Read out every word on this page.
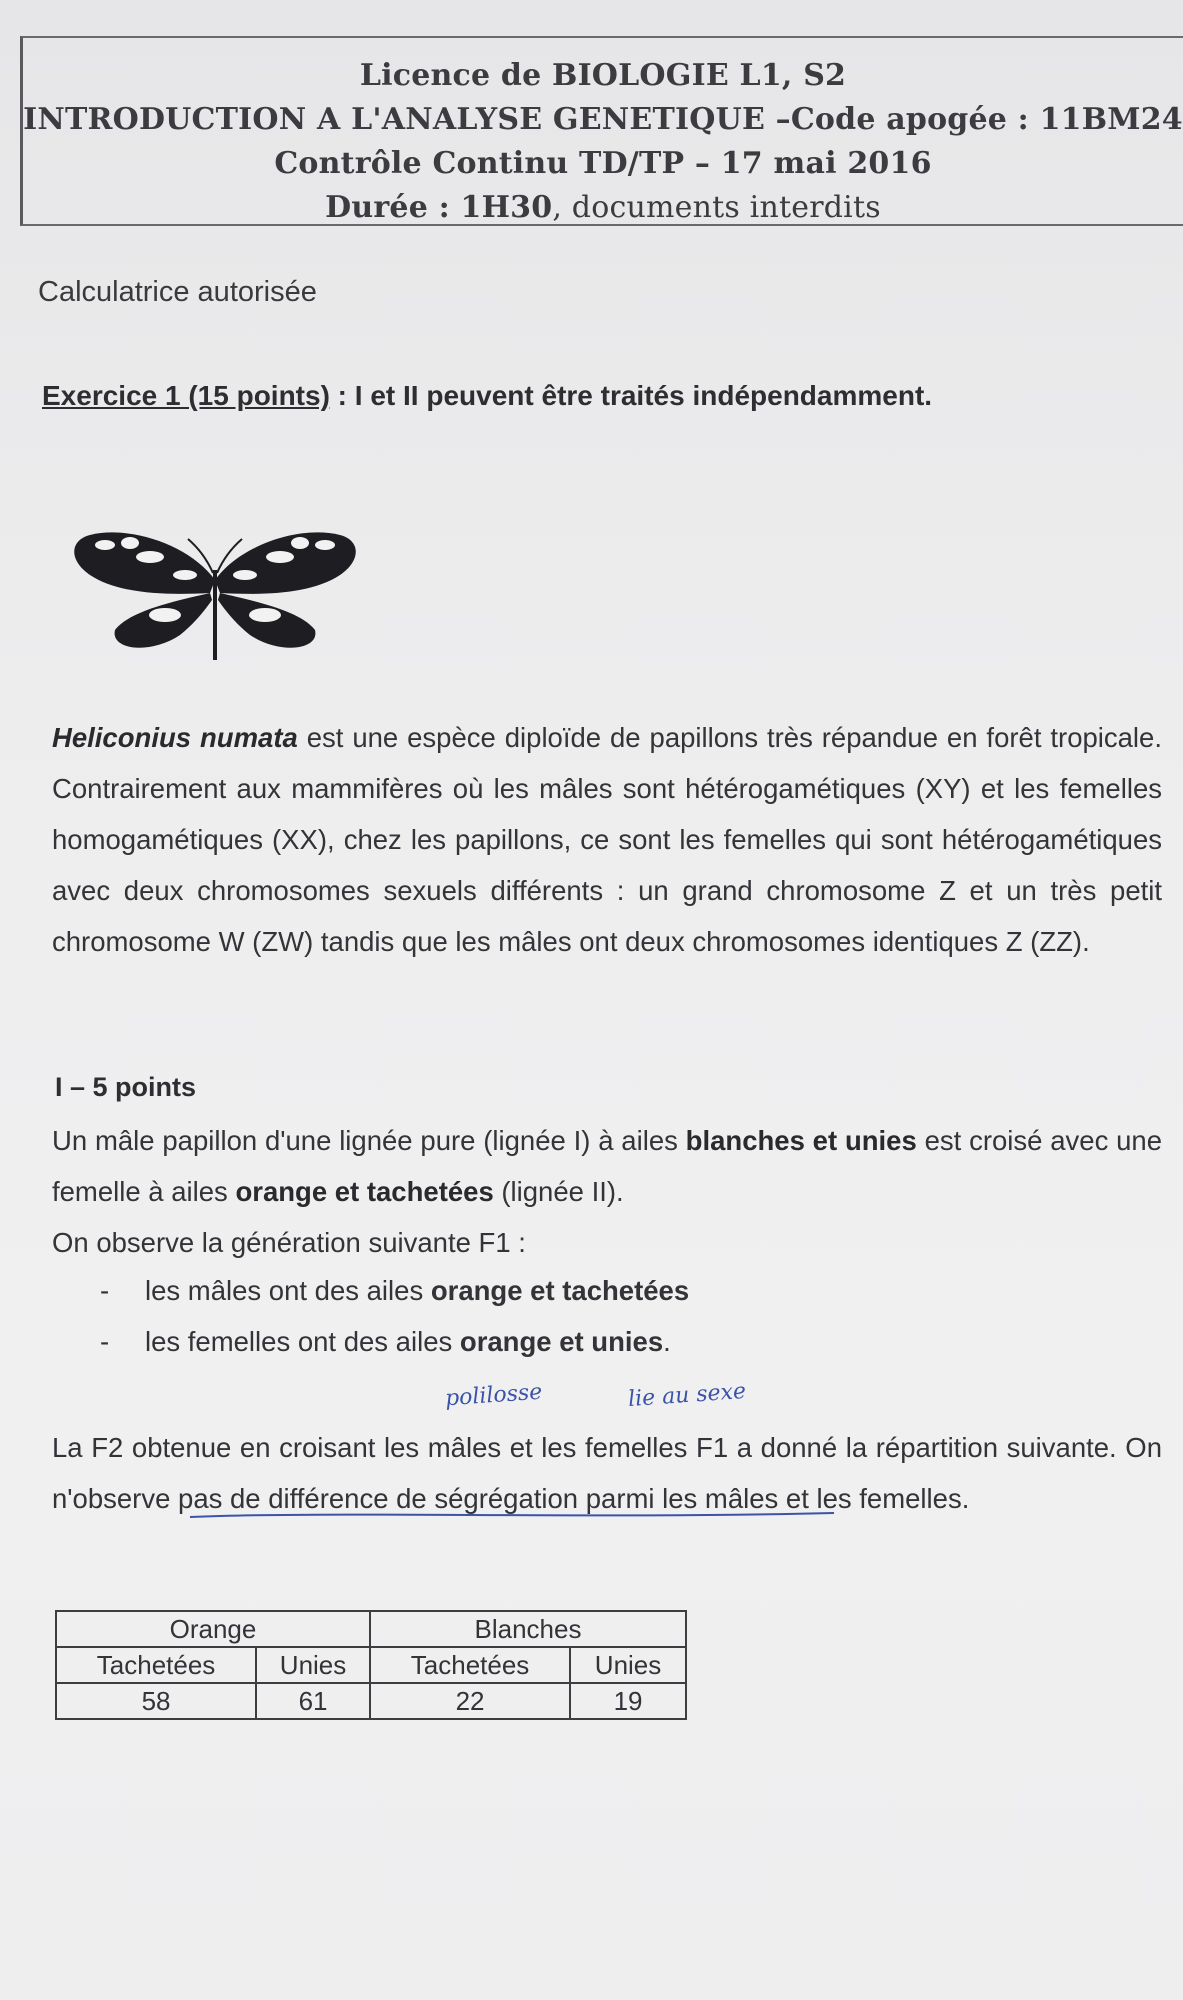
Licence de BIOLOGIE L1, S2
INTRODUCTION A L'ANALYSE GENETIQUE –Code apogée : 11BM24
Contrôle Continu TD/TP – 17 mai 2016
Durée : 1H30, documents interdits
Calculatrice autorisée
Exercice 1 (15 points) : I et II peuvent être traités indépendamment.
Heliconius numata est une espèce diploïde de papillons très répandue en forêt tropicale. Contrairement aux mammifères où les mâles sont hétérogamétiques (XY) et les femelles homogamétiques (XX), chez les papillons, ce sont les femelles qui sont hétérogamétiques avec deux chromosomes sexuels différents : un grand chromosome Z et un très petit chromosome W (ZW) tandis que les mâles ont deux chromosomes identiques Z (ZZ).
I – 5 points
Un mâle papillon d'une lignée pure (lignée I) à ailes blanches et unies est croisé avec une femelle à ailes orange et tachetées (lignée II).
On observe la génération suivante F1 :
- les mâles ont des ailes orange et tachetées
- les femelles ont des ailes orange et unies.
polilosse	lie au sexe
La F2 obtenue en croisant les mâles et les femelles F1 a donné la répartition suivante. On n'observe pas de différence de ségrégation parmi les mâles et les femelles.
Orange		Blanches	
Tachetées	Unies	Tachetées	Unies
58	61	22	19
